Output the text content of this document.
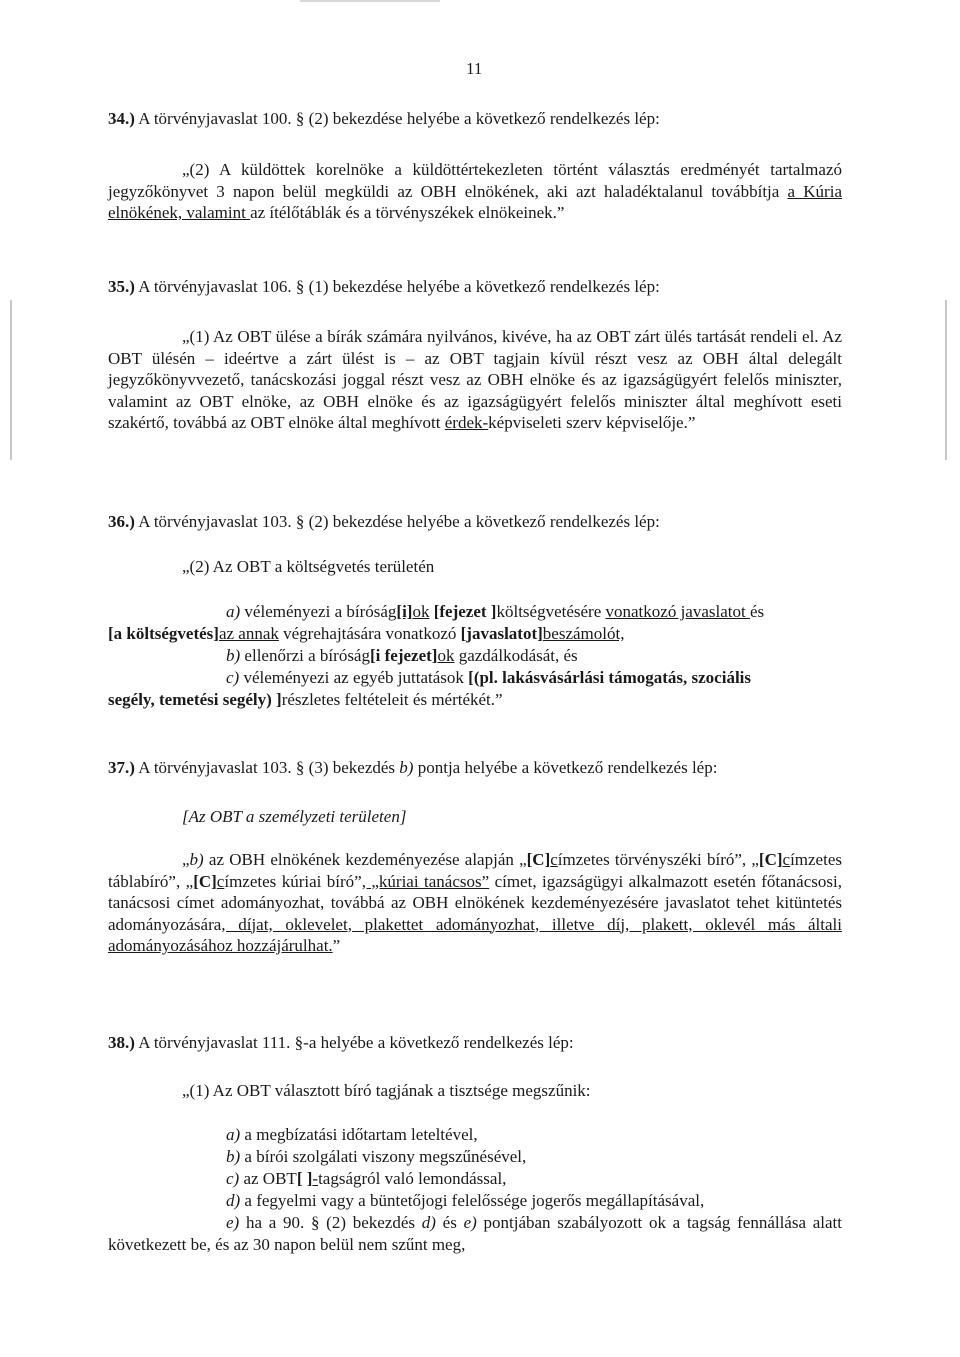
11
34.) A törvényjavaslat 100. § (2) bekezdése helyébe a következő rendelkezés lép:
„(2) A küldöttek korelnöke a küldöttértekezleten történt választás eredményét tartalmazó jegyzőkönyvet 3 napon belül megküldi az OBH elnökének, aki azt haladéktalanul továbbítja a Kúria elnökének, valamint az ítélőtáblák és a törvényszékek elnökeinek.”
35.) A törvényjavaslat 106. § (1) bekezdése helyébe a következő rendelkezés lép:
„(1) Az OBT ülése a bírák számára nyilvános, kivéve, ha az OBT zárt ülés tartását rendeli el. Az OBT ülésén – ideértve a zárt ülést is – az OBT tagjain kívül részt vesz az OBH által delegált jegyzőkönyvvezető, tanácskozási joggal részt vesz az OBH elnöke és az igazságügyért felelős miniszter, valamint az OBT elnöke, az OBH elnöke és az igazságügyért felelős miniszter által meghívott eseti szakértő, továbbá az OBT elnöke által meghívott érdek-képviseleti szerv képviselője.”
36.) A törvényjavaslat 103. § (2) bekezdése helyébe a következő rendelkezés lép:
„(2) Az OBT a költségvetés területén
a) véleményezi a bíróság[i]ok [fejezet ]költségvetésére vonatkozó javaslatot és
[a költségvetés]az annak végrehajtására vonatkozó [javaslatot]beszámolót,
b) ellenőrzi a bíróság[i fejezet]ok gazdálkodását, és
c) véleményezi az egyéb juttatások [(pl. lakásvásárlási támogatás, szociális
segély, temetési segély) ]részletes feltételeit és mértékét.”
37.) A törvényjavaslat 103. § (3) bekezdés b) pontja helyébe a következő rendelkezés lép:
[Az OBT a személyzeti területen]
„b) az OBH elnökének kezdeményezése alapján „[C]címzetes törvényszéki bíró”, „[C]címzetes táblabíró”, „[C]címzetes kúriai bíró”, „kúriai tanácsos” címet, igazságügyi alkalmazott esetén főtanácsosi, tanácsosi címet adományozhat, továbbá az OBH elnökének kezdeményezésére javaslatot tehet kitüntetés adományozására, díjat, oklevelet, plakettet adományozhat, illetve díj, plakett, oklevél más általi adományozásához hozzájárulhat.”
38.) A törvényjavaslat 111. §-a helyébe a következő rendelkezés lép:
„(1) Az OBT választott bíró tagjának a tisztsége megszűnik:
a) a megbízatási időtartam leteltével,
b) a bírói szolgálati viszony megszűnésével,
c) az OBT[ ]-tagságról való lemondással,
d) a fegyelmi vagy a büntetőjogi felelőssége jogerős megállapításával,
e) ha a 90. § (2) bekezdés d) és e) pontjában szabályozott ok a tagság fennállása alatt következett be, és az 30 napon belül nem szűnt meg,
